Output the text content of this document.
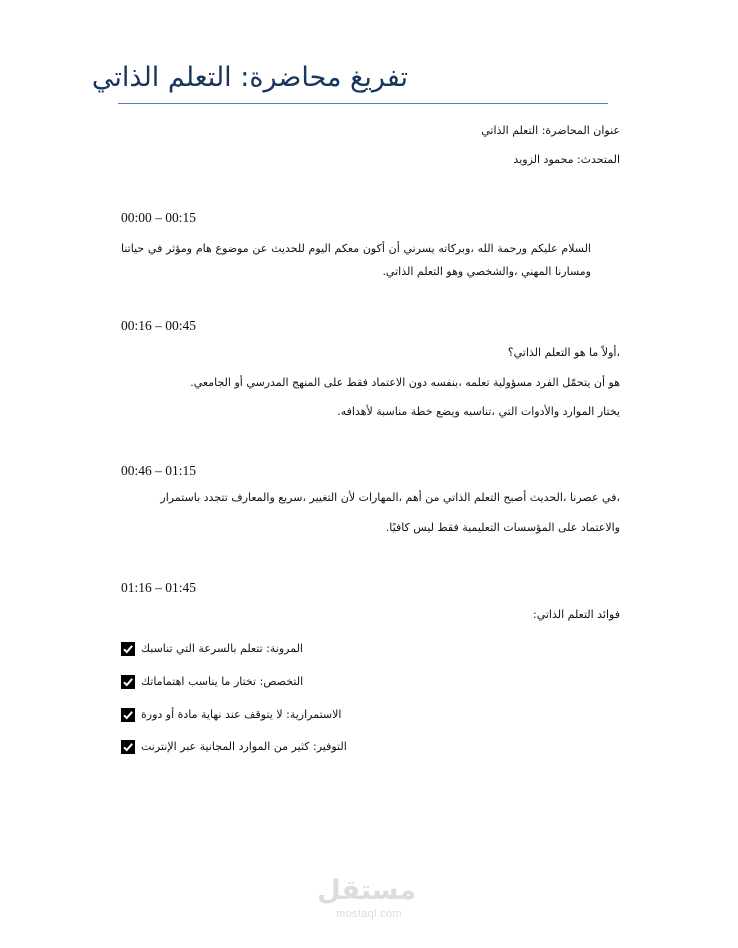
تفريغ محاضرة: التعلم الذاتي
عنوان المحاضرة: التعلم الذاتي
المتحدث: محمود الزويد
00:00 – 00:15
السلام عليكم ورحمة الله ،وبركاته يسرني أن أكون معكم اليوم للحديث عن موضوع هام ومؤثر في حياتنا ومسارنا المهني ،والشخصي وهو التعلم الذاتي.
00:16 – 00:45
،أولاً ما هو التعلم الذاتي؟
هو أن يتحمّل الفرد مسؤولية تعلمه ،بنفسه دون الاعتماد فقط على المنهج المدرسي أو الجامعي.
يختار الموارد والأدوات التي ،تناسبه ويضع خطة مناسبة لأهدافه.
00:46 – 01:15
،في عصرنا ،الحديث أصبح التعلم الذاتي من أهم ،المهارات لأن التغيير ،سريع والمعارف تتجدد باستمرار
والاعتماد على المؤسسات التعليمية فقط ليس كافيًا.
01:16 – 01:45
فوائد التعلم الذاتي:
المرونة: تتعلم بالسرعة التي تناسبك
التخصص: تختار ما يناسب اهتماماتك
الاستمرارية: لا يتوقف عند نهاية مادة أو دورة
التوفير: كثير من الموارد المجانية عبر الإنترنت
مستقل
mostaql.com
